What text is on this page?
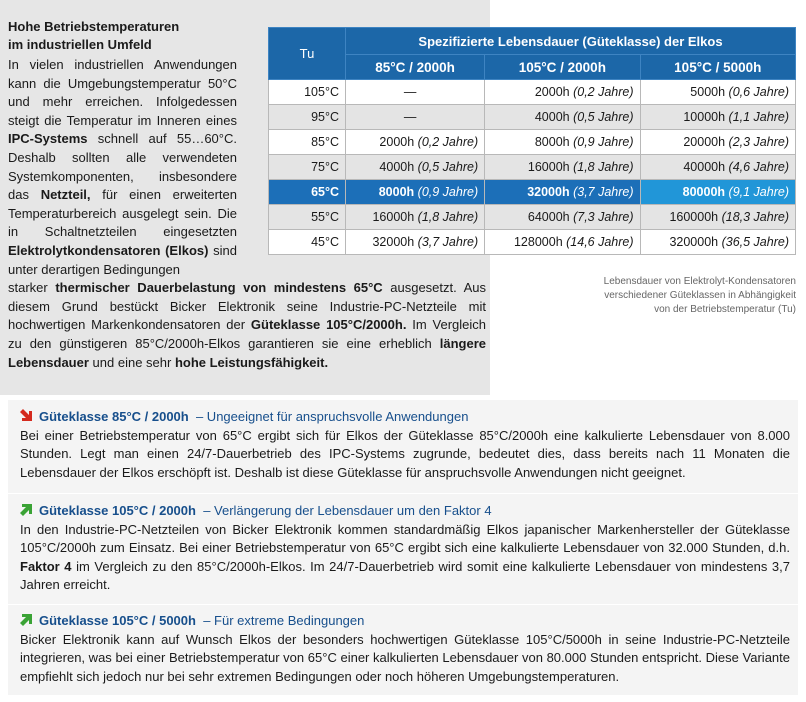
Hohe Betriebstemperaturen
im industriellen Umfeld
In vielen industriellen Anwendungen kann die Umgebungstemperatur 50°C und mehr erreichen. Infolgedessen steigt die Temperatur im Inneren eines IPC-Systems schnell auf 55…60°C. Deshalb sollten alle verwendeten Systemkomponenten, insbesondere das Netzteil, für einen erweiterten Temperaturbereich ausgelegt sein. Die in Schaltnetzteilen eingesetzten Elektrolytkondensatoren (Elkos) sind unter derartigen Bedingungen
starker thermischer Dauerbelastung von mindestens 65°C ausgesetzt. Aus diesem Grund bestückt Bicker Elektronik seine Industrie-PC-Netzteile mit hochwertigen Markenkondensatoren der Güteklasse 105°C/2000h. Im Vergleich zu den günstigeren 85°C/2000h-Elkos garantieren sie eine erheblich längere Lebensdauer und eine sehr hohe Leistungsfähigkeit.
Tu	Spezifizierte Lebensdauer (Güteklasse) der Elkos		
	85°C / 2000h	105°C / 2000h	105°C / 5000h
105°C	—	2000h (0,2 Jahre)	5000h (0,6 Jahre)
95°C	—	4000h (0,5 Jahre)	10000h (1,1 Jahre)
85°C	2000h (0,2 Jahre)	8000h (0,9 Jahre)	20000h (2,3 Jahre)
75°C	4000h (0,5 Jahre)	16000h (1,8 Jahre)	40000h (4,6 Jahre)
65°C	8000h (0,9 Jahre)	32000h (3,7 Jahre)	80000h (9,1 Jahre)
55°C	16000h (1,8 Jahre)	64000h (7,3 Jahre)	160000h (18,3 Jahre)
45°C	32000h (3,7 Jahre)	128000h (14,6 Jahre)	320000h (36,5 Jahre)
Lebensdauer von Elektrolyt-Kondensatoren
verschiedener Güteklassen in Abhängigkeit
von der Betriebstemperatur (Tu)
Güteklasse 85°C / 2000h – Ungeeignet für anspruchsvolle Anwendungen
Bei einer Betriebstemperatur von 65°C ergibt sich für Elkos der Güteklasse 85°C/2000h eine kalkulierte Lebensdauer von 8.000 Stunden. Legt man einen 24/7-Dauerbetrieb des IPC-Systems zugrunde, bedeutet dies, dass bereits nach 11 Monaten die Lebensdauer der Elkos erschöpft ist. Deshalb ist diese Güteklasse für anspruchsvolle Anwendungen nicht geeignet.
Güteklasse 105°C / 2000h – Verlängerung der Lebensdauer um den Faktor 4
In den Industrie-PC-Netzteilen von Bicker Elektronik kommen standardmäßig Elkos japanischer Markenhersteller der Güteklasse 105°C/2000h zum Einsatz. Bei einer Betriebstemperatur von 65°C ergibt sich eine kalkulierte Lebensdauer von 32.000 Stunden, d.h. Faktor 4 im Vergleich zu den 85°C/2000h-Elkos. Im 24/7-Dauerbetrieb wird somit eine kalkulierte Lebensdauer von mindestens 3,7 Jahren erreicht.
Güteklasse 105°C / 5000h – Für extreme Bedingungen
Bicker Elektronik kann auf Wunsch Elkos der besonders hochwertigen Güteklasse 105°C/5000h in seine Industrie-PC-Netzteile integrieren, was bei einer Betriebstemperatur von 65°C einer kalkulierten Lebensdauer von 80.000 Stunden entspricht. Diese Variante empfiehlt sich jedoch nur bei sehr extremen Bedingungen oder noch höheren Umgebungstemperaturen.
